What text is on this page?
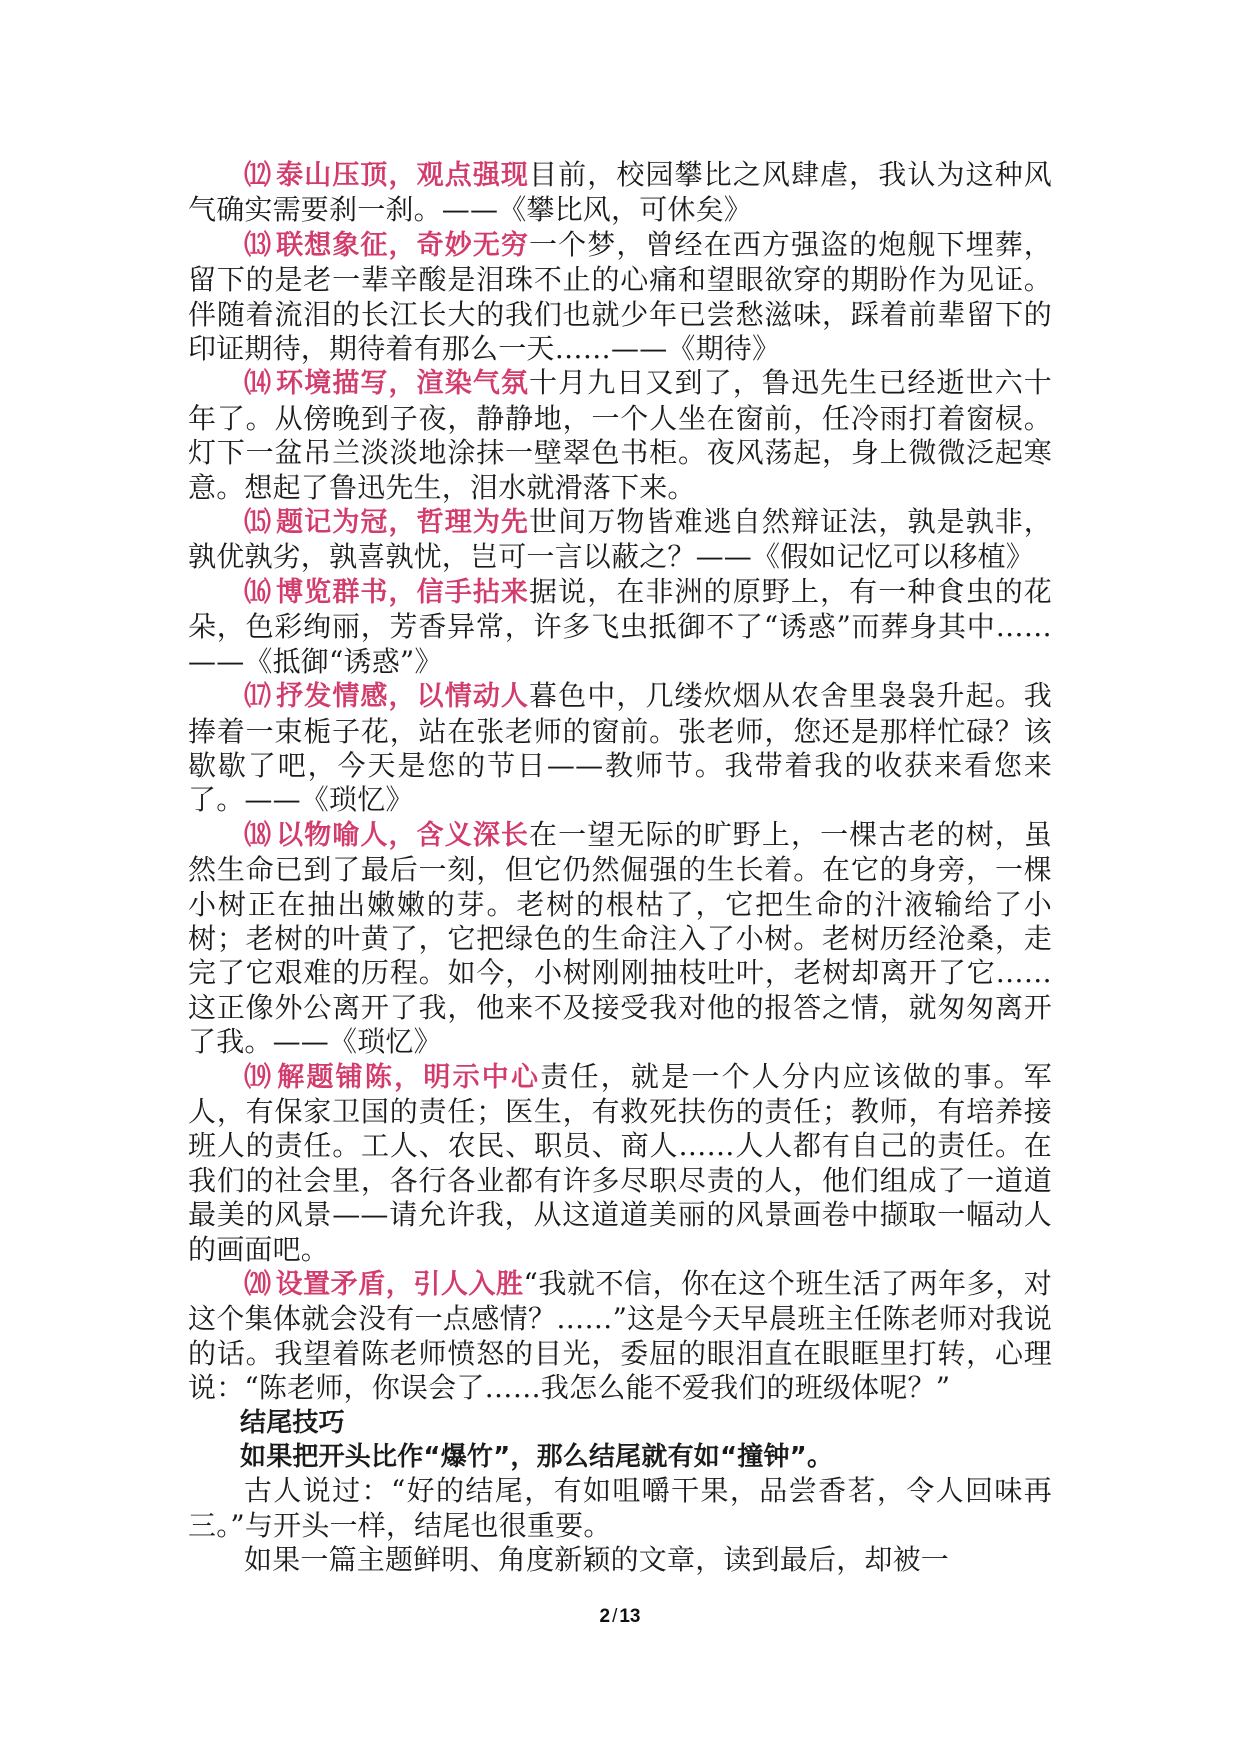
⑿ 泰山压顶，观点强现目前，校园攀比之风肆虐，我认为这种风气确实需要刹一刹。——《攀比风，可休矣》

⒀ 联想象征，奇妙无穷一个梦，曾经在西方强盗的炮舰下埋葬，留下的是老一辈辛酸是泪珠不止的心痛和望眼欲穿的期盼作为见证。伴随着流泪的长江长大的我们也就少年已尝愁滋味，踩着前辈留下的印证期待，期待着有那么一天……——《期待》

⒁ 环境描写，渲染气氛十月九日又到了，鲁迅先生已经逝世六十年了。从傍晚到子夜，静静地，一个人坐在窗前，任冷雨打着窗棂。灯下一盆吊兰淡淡地涂抹一壁翠色书柜。夜风荡起，身上微微泛起寒意。想起了鲁迅先生，泪水就滑落下来。

⒂ 题记为冠，哲理为先世间万物皆难逃自然辩证法，孰是孰非，孰优孰劣，孰喜孰忧，岂可一言以蔽之？——《假如记忆可以移植》

⒃ 博览群书，信手拈来据说，在非洲的原野上，有一种食虫的花朵，色彩绚丽，芳香异常，许多飞虫抵御不了“诱惑”而葬身其中……——《抵御“诱惑”》

⒄ 抒发情感，以情动人暮色中，几缕炊烟从农舍里袅袅升起。我捧着一束栀子花，站在张老师的窗前。张老师，您还是那样忙碌？该歇歇了吧，今天是您的节日——教师节。我带着我的收获来看您来了。——《琐忆》

⒅ 以物喻人，含义深长在一望无际的旷野上，一棵古老的树，虽然生命已到了最后一刻，但它仍然倔强的生长着。在它的身旁，一棵小树正在抽出嫩嫩的芽。老树的根枯了，它把生命的汁液输给了小树；老树的叶黄了，它把绿色的生命注入了小树。老树历经沧桑，走完了它艰难的历程。如今，小树刚刚抽枝吐叶，老树却离开了它……这正像外公离开了我，他来不及接受我对他的报答之情，就匆匆离开了我。——《琐忆》

⒆ 解题铺陈，明示中心责任，就是一个人分内应该做的事。军人，有保家卫国的责任；医生，有救死扶伤的责任；教师，有培养接班人的责任。工人、农民、职员、商人……人人都有自己的责任。在我们的社会里，各行各业都有许多尽职尽责的人，他们组成了一道道最美的风景——请允许我，从这道道美丽的风景画卷中撷取一幅动人的画面吧。

⒇ 设置矛盾，引人入胜“我就不信，你在这个班生活了两年多，对这个集体就会没有一点感情？……”这是今天早晨班主任陈老师对我说的话。我望着陈老师愤怒的目光，委屈的眼泪直在眼眶里打转，心理说：“陈老师，你误会了……我怎么能不爱我们的班级体呢？”

结尾技巧

如果把开头比作“爆竹”，那么结尾就有如“撞钟”。

古人说过：“好的结尾，有如咀嚼干果，品尝香茗，令人回味再三。”与开头一样，结尾也很重要。

如果一篇主题鲜明、角度新颖的文章，读到最后，却被一

2 / 13
